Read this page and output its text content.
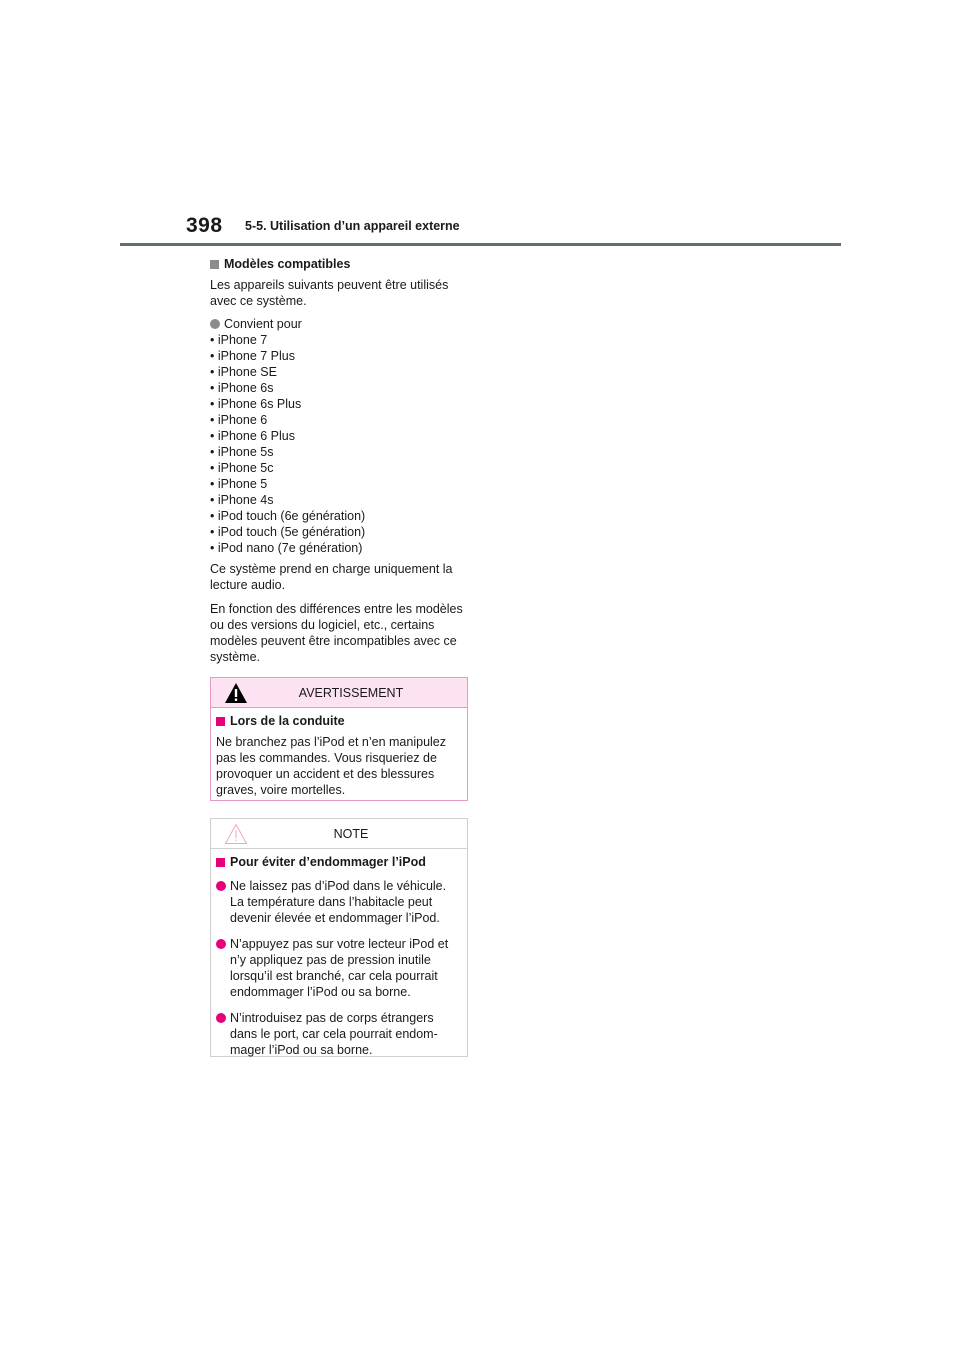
398 5-5. Utilisation d’un appareil externe
Modèles compatibles

Les appareils suivants peuvent être utilisés avec ce système.

Convient pour
• iPhone 7
• iPhone 7 Plus
• iPhone SE
• iPhone 6s
• iPhone 6s Plus
• iPhone 6
• iPhone 6 Plus
• iPhone 5s
• iPhone 5c
• iPhone 5
• iPhone 4s
• iPod touch (6e génération)
• iPod touch (5e génération)
• iPod nano (7e génération)

Ce système prend en charge uniquement la lecture audio.

En fonction des différences entre les modèles ou des versions du logiciel, etc., certains modèles peuvent être incompatibles avec ce système.

AVERTISSEMENT
Lors de la conduite

Ne branchez pas l’iPod et n’en manipulez pas les commandes. Vous risqueriez de provoquer un accident et des blessures graves, voire mortelles.

NOTE
Pour éviter d’endommager l’iPod
Ne laissez pas d’iPod dans le véhicule. La température dans l’habitacle peut devenir élevée et endommager l’iPod.
N’appuyez pas sur votre lecteur iPod et n’y appliquez pas de pression inutile lorsqu’il est branché, car cela pourrait endommager l’iPod ou sa borne.
N’introduisez pas de corps étrangers dans le port, car cela pourrait endom-mager l’iPod ou sa borne.
